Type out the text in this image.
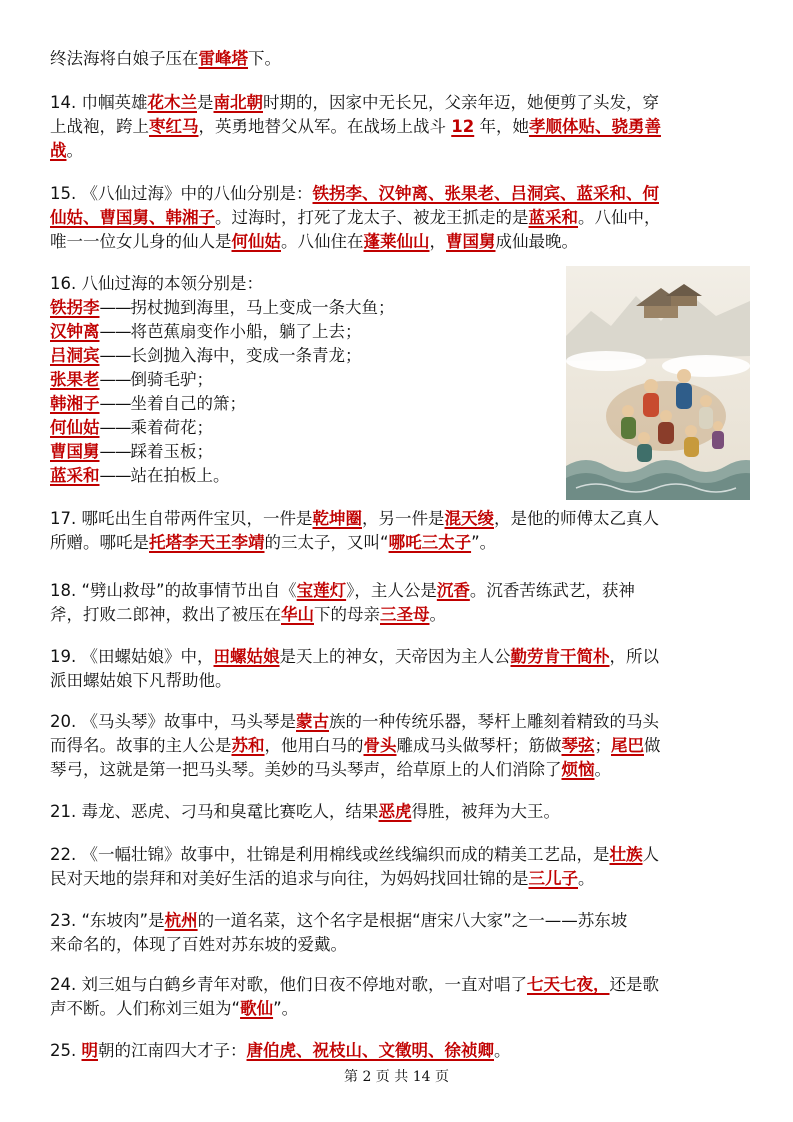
终法海将白娘子压在雷峰塔下。

14. 巾帼英雄花木兰是南北朝时期的，因家中无长兄，父亲年迈，她便剪了头发，穿
上战袍，跨上枣红马，英勇地替父从军。在战场上战斗 12 年，她孝顺体贴、骁勇善
战。

15. 《八仙过海》中的八仙分别是：铁拐李、汉钟离、张果老、吕洞宾、蓝采和、何
仙姑、曹国舅、韩湘子。过海时，打死了龙太子、被龙王抓走的是蓝采和。八仙中，
唯一一位女儿身的仙人是何仙姑。八仙住在蓬莱仙山，曹国舅成仙最晚。

16. 八仙过海的本领分别是：
铁拐李——拐杖抛到海里，马上变成一条大鱼；
汉钟离——将芭蕉扇变作小船，躺了上去；
吕洞宾——长剑抛入海中，变成一条青龙；
张果老——倒骑毛驴；
韩湘子——坐着自己的箫；
何仙姑——乘着荷花；
曹国舅——踩着玉板；
蓝采和——站在拍板上。

17. 哪吒出生自带两件宝贝，一件是乾坤圈，另一件是混天绫，是他的师傅太乙真人
所赠。哪吒是托塔李天王李靖的三太子，又叫“哪吒三太子”。

18. “劈山救母”的故事情节出自《宝莲灯》，主人公是沉香。沉香苦练武艺，获神
斧，打败二郎神，救出了被压在华山下的母亲三圣母。

19. 《田螺姑娘》中，田螺姑娘是天上的神女，天帝因为主人公勤劳肯干简朴，所以
派田螺姑娘下凡帮助他。

20. 《马头琴》故事中，马头琴是蒙古族的一种传统乐器，琴杆上雕刻着精致的马头
而得名。故事的主人公是苏和，他用白马的骨头雕成马头做琴杆；筋做琴弦；尾巴做
琴弓，这就是第一把马头琴。美妙的马头琴声，给草原上的人们消除了烦恼。

21. 毒龙、恶虎、刁马和臭鼋比赛吃人，结果恶虎得胜，被拜为大王。

22. 《一幅壮锦》故事中，壮锦是利用棉线或丝线编织而成的精美工艺品，是壮族人
民对天地的崇拜和对美好生活的追求与向往，为妈妈找回壮锦的是三儿子。

23. “东坡肉”是杭州的一道名菜，这个名字是根据“唐宋八大家”之一——苏东坡
来命名的，体现了百姓对苏东坡的爱戴。

24. 刘三姐与白鹤乡青年对歌，他们日夜不停地对歌，一直对唱了七天七夜，还是歌
声不断。人们称刘三姐为“歌仙”。

25. 明朝的江南四大才子：唐伯虎、祝枝山、文徵明、徐祯卿。

第 2 页 共 14 页
